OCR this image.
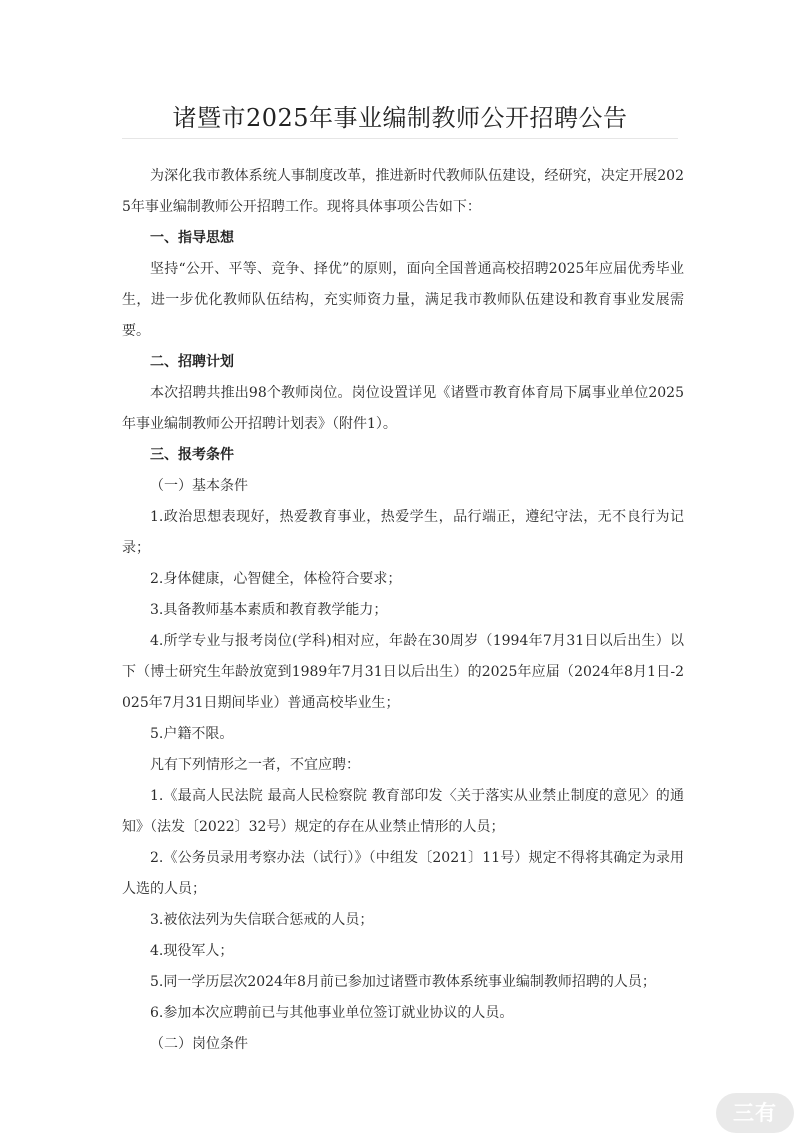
诸暨市2025年事业编制教师公开招聘公告

为深化我市教体系统人事制度改革，推进新时代教师队伍建设，经研究，决定开展2025年事业编制教师公开招聘工作。现将具体事项公告如下：

一、指导思想

坚持“公开、平等、竞争、择优”的原则，面向全国普通高校招聘2025年应届优秀毕业生，进一步优化教师队伍结构，充实师资力量，满足我市教师队伍建设和教育事业发展需要。

二、招聘计划

本次招聘共推出98个教师岗位。岗位设置详见《诸暨市教育体育局下属事业单位2025年事业编制教师公开招聘计划表》（附件1）。

三、报考条件

（一）基本条件

1.政治思想表现好，热爱教育事业，热爱学生，品行端正，遵纪守法，无不良行为记录；

2.身体健康，心智健全，体检符合要求；

3.具备教师基本素质和教育教学能力；

4.所学专业与报考岗位(学科)相对应，年龄在30周岁（1994年7月31日以后出生）以下（博士研究生年龄放宽到1989年7月31日以后出生）的2025年应届（2024年8月1日-2025年7月31日期间毕业）普通高校毕业生；

5.户籍不限。

凡有下列情形之一者，不宜应聘：

1.《最高人民法院 最高人民检察院 教育部印发〈关于落实从业禁止制度的意见〉的通知》（法发〔2022〕32号）规定的存在从业禁止情形的人员；

2.《公务员录用考察办法（试行）》（中组发〔2021〕11号）规定不得将其确定为录用人选的人员；

3.被依法列为失信联合惩戒的人员；

4.现役军人；

5.同一学历层次2024年8月前已参加过诸暨市教体系统事业编制教师招聘的人员；

6.参加本次应聘前已与其他事业单位签订就业协议的人员。

（二）岗位条件

三有
